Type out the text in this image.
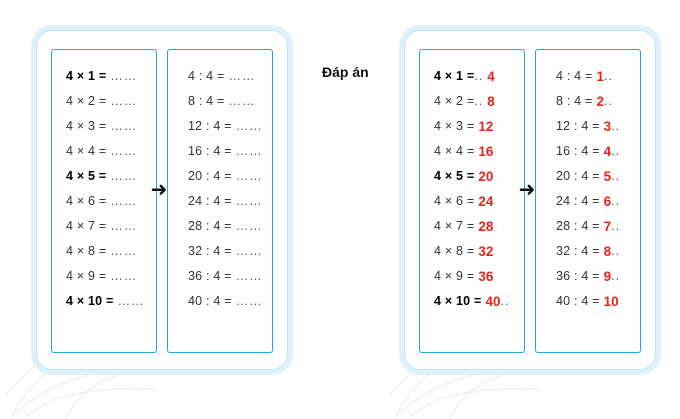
4 × 1 = ……
4 × 2 = ……
4 × 3 = ……
4 × 4 = ……
4 × 5 = ……
4 × 6 = ……
4 × 7 = ……
4 × 8 = ……
4 × 9 = ……
4 × 10 = ……
4 : 4 = ……
8 : 4 = ……
12 : 4 = ……
16 : 4 = ……
20 : 4 = ……
24 : 4 = ……
28 : 4 = ……
32 : 4 = ……
36 : 4 = ……
40 : 4 = ……
➜
Đáp án	4 × 1 = .. 4
4 × 2 = .. 8
4 × 3 = 12
4 × 4 = 16
4 × 5 = 20
4 × 6 = 24
4 × 7 = 28
4 × 8 = 32
4 × 9 = 36
4 × 10 = 40 ..
4 : 4 = 1 ..
8 : 4 = 2 ..
12 : 4 = 3 ..
16 : 4 = 4 ..
20 : 4 = 5 ..
24 : 4 = 6 ..
28 : 4 = 7 ..
32 : 4 = 8 ..
36 : 4 = 9 ..
40 : 4 = 10
➜
